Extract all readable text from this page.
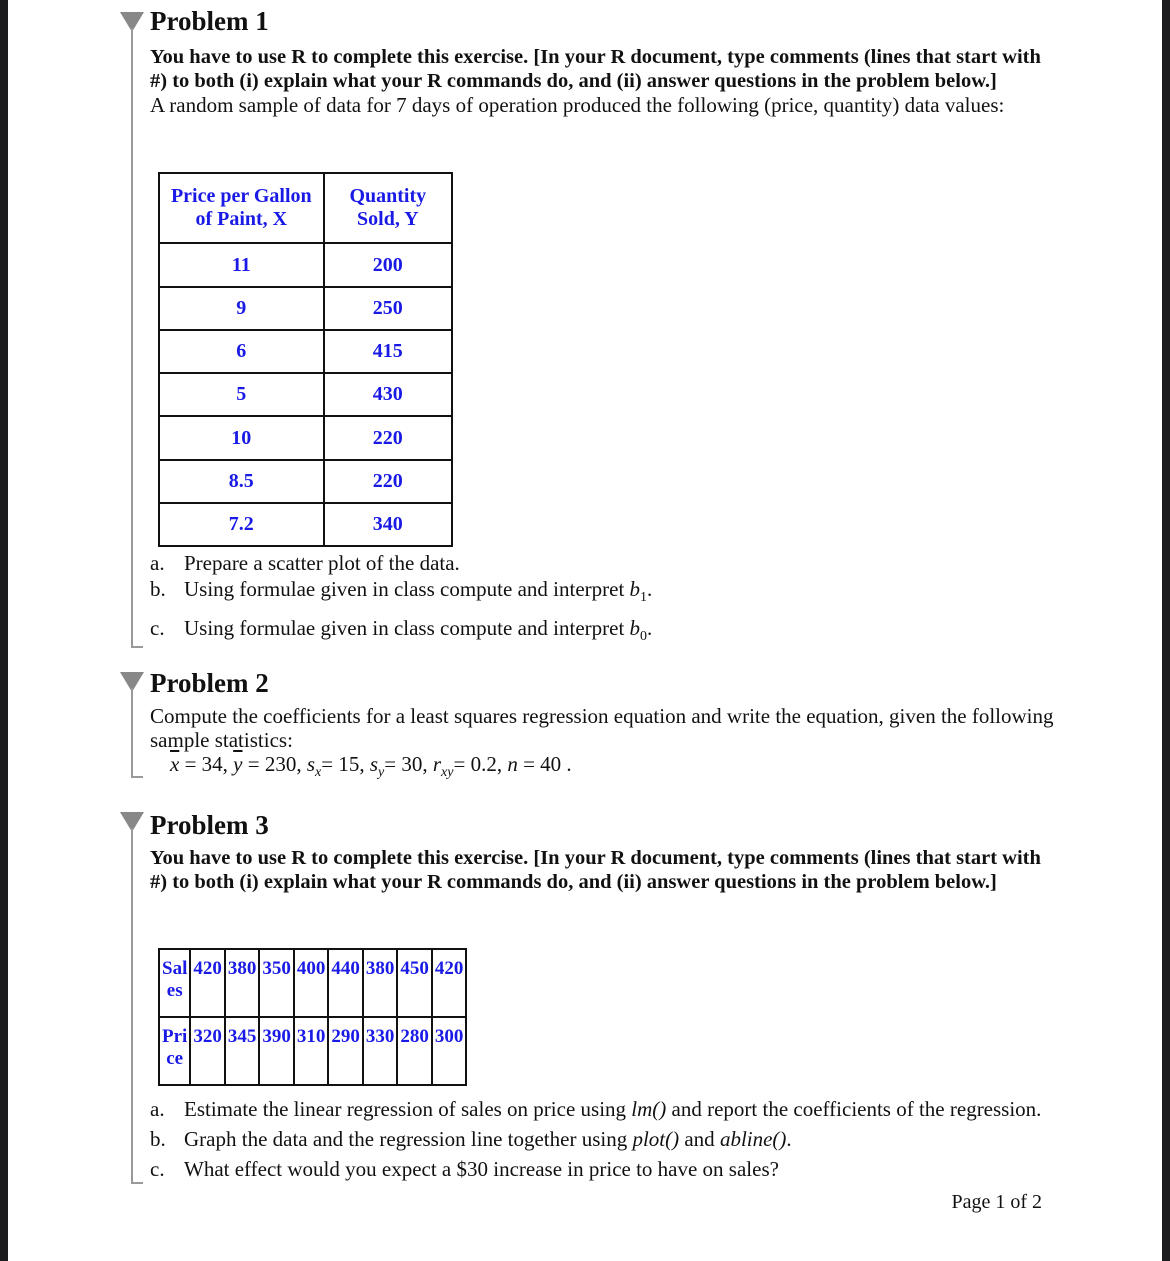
Problem 1

You have to use R to complete this exercise. [In your R document, type comments (lines that start with #) to both (i) explain what your R commands do, and (ii) answer questions in the problem below.]

A random sample of data for 7 days of operation produced the following (price, quantity) data values:

Price per Gallon of Paint, X	Quantity Sold, Y
11	200
9	250
6	415
5	430
10	220
8.5	220
7.2	340
a. Prepare a scatter plot of the data.
b. Using formulae given in class compute and interpret $b_1$.
c. Using formulae given in class compute and interpret $b_0$.
Problem 2

Compute the coefficients for a least squares regression equation and write the equation, given the following sample statistics:

$\overline{x} = 34$, $\overline{y} = 230$, $s_x= 15$, $s_y= 30$, $r_{xy}= 0.2$, n = 40 .
Problem 3

You have to use R to complete this exercise. [In your R document, type comments (lines that start with #) to both (i) explain what your R commands do, and (ii) answer questions in the problem below.]

Sal es	420	380	350	400	440	380	450	420
Pri ce	320	345	390	310	290	330	280	300
a. Estimate the linear regression of sales on price using lm() and report the coefficients of the regression.
b. Graph the data and the regression line together using plot() and abline().
c. What effect would you expect a $30 increase in price to have on sales?
Page 1 of 2
